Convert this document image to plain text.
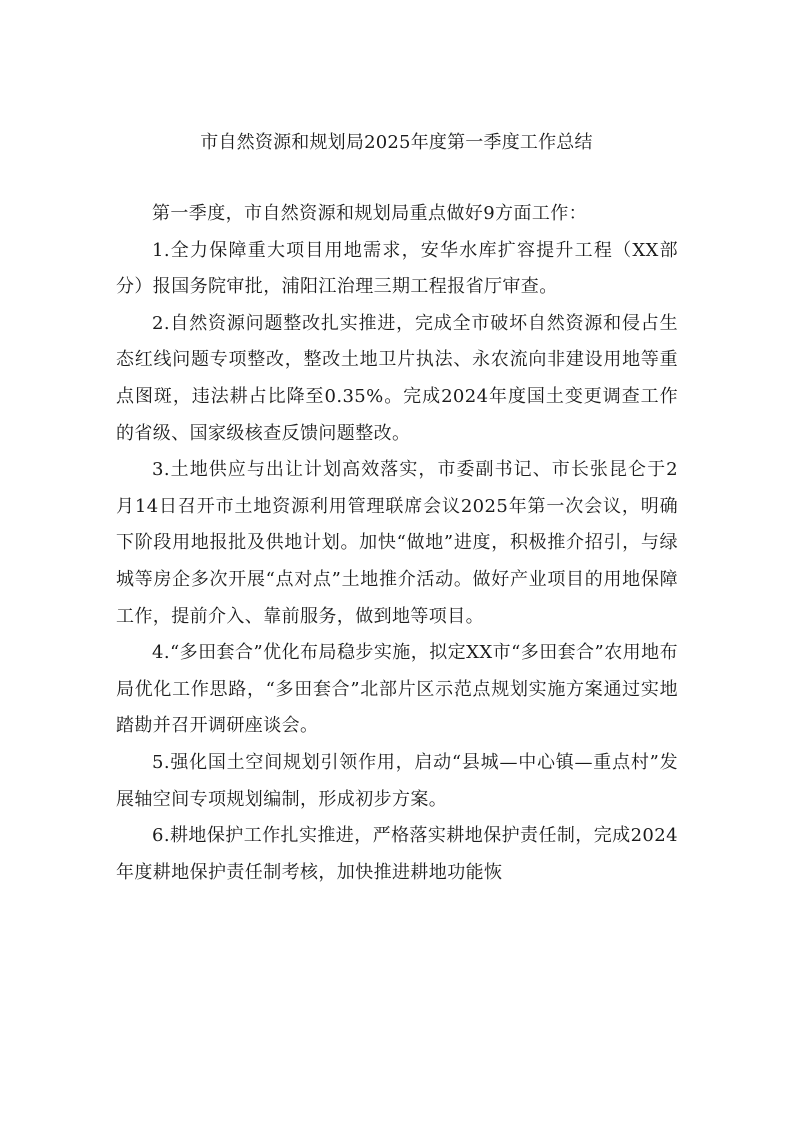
市自然资源和规划局2025年度第一季度工作总结

第一季度，市自然资源和规划局重点做好9方面工作：

1.全力保障重大项目用地需求，安华水库扩容提升工程（XX部分）报国务院审批，浦阳江治理三期工程报省厅审查。

2.自然资源问题整改扎实推进，完成全市破坏自然资源和侵占生态红线问题专项整改，整改土地卫片执法、永农流向非建设用地等重点图斑，违法耕占比降至0.35%。完成2024年度国土变更调查工作的省级、国家级核查反馈问题整改。

3.土地供应与出让计划高效落实，市委副书记、市长张昆仑于2月14日召开市土地资源利用管理联席会议2025年第一次会议，明确下阶段用地报批及供地计划。加快“做地”进度，积极推介招引，与绿城等房企多次开展“点对点”土地推介活动。做好产业项目的用地保障工作，提前介入、靠前服务，做到地等项目。

4.“多田套合”优化布局稳步实施，拟定XX市“多田套合”农用地布局优化工作思路，“多田套合”北部片区示范点规划实施方案通过实地踏勘并召开调研座谈会。

5.强化国土空间规划引领作用，启动“县城—中心镇—重点村”发展轴空间专项规划编制，形成初步方案。

6.耕地保护工作扎实推进，严格落实耕地保护责任制，完成2024年度耕地保护责任制考核，加快推进耕地功能恢
